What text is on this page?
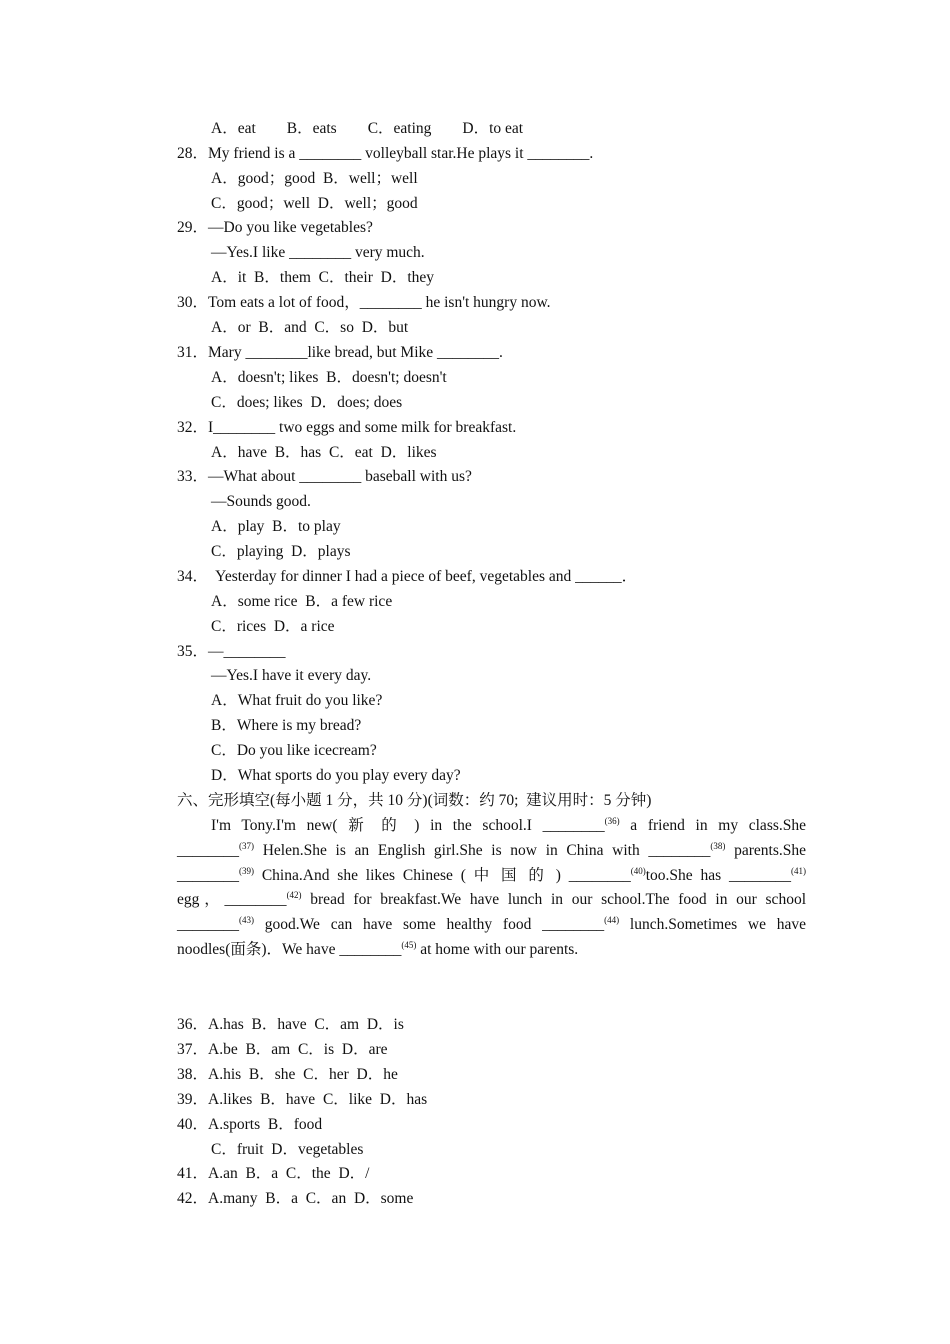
A．eat　　B．eats　　C．eating　　D．to eat
28．My friend is a ________ volleyball star.He plays it ________.
A．good；good  B．well；well
C．good；well  D．well；good
29．—Do you like vegetables?
—Yes.I like ________ very much.
A．it  B．them  C．their  D．they
30．Tom eats a lot of food，________ he isn't hungry now.
A．or  B．and  C．so  D．but
31．Mary ________like bread, but Mike ________.
A．doesn't; likes  B．doesn't; doesn't
C．does; likes  D．does; does
32．I________ two eggs and some milk for breakfast.
A．have  B．has  C．eat  D．likes
33．—What about ________ baseball with us?
—Sounds good.
A．play  B．to play
C．playing  D．plays
34．  Yesterday for dinner I had a piece of beef, vegetables and ______．
A．some rice  B．a few rice
C．rices  D．a rice
35．—________
—Yes.I have it every day.
A．What fruit do you like?
B．Where is my bread?
C．Do you like icecream?
D．What sports do you play every day?
六、完形填空(每小题 1 分，共 10 分)(词数：约 70;  建议用时：5 分钟)

I'm Tony.I'm new( 新 的 ) in the school.I ________$^{(36)}$ a friend in my class.She

________$^{(37)}$ Helen.She is an English girl.She is now in China with ________$^{(38)}$ parents.She

________$^{(39)}$ China.And she likes Chinese ( 中 国 的 ) ________$^{(40)}$too.She has ________$^{(41)}$

egg，________$^{(42)}$ bread for breakfast.We have lunch in our school.The food in our school

________$^{(43)}$ good.We can have some healthy food ________$^{(44)}$ lunch.Sometimes we have

noodles(面条)．We have ________$^{(45)}$ at home with our parents.

36．A.has  B．have  C．am  D．is
37．A.be  B．am  C．is  D．are
38．A.his  B．she  C．her  D．he
39．A.likes  B．have  C．like  D．has
40．A.sports  B．food
C．fruit  D．vegetables
41．A.an  B．a  C．the  D．/
42．A.many  B．a  C．an  D．some
